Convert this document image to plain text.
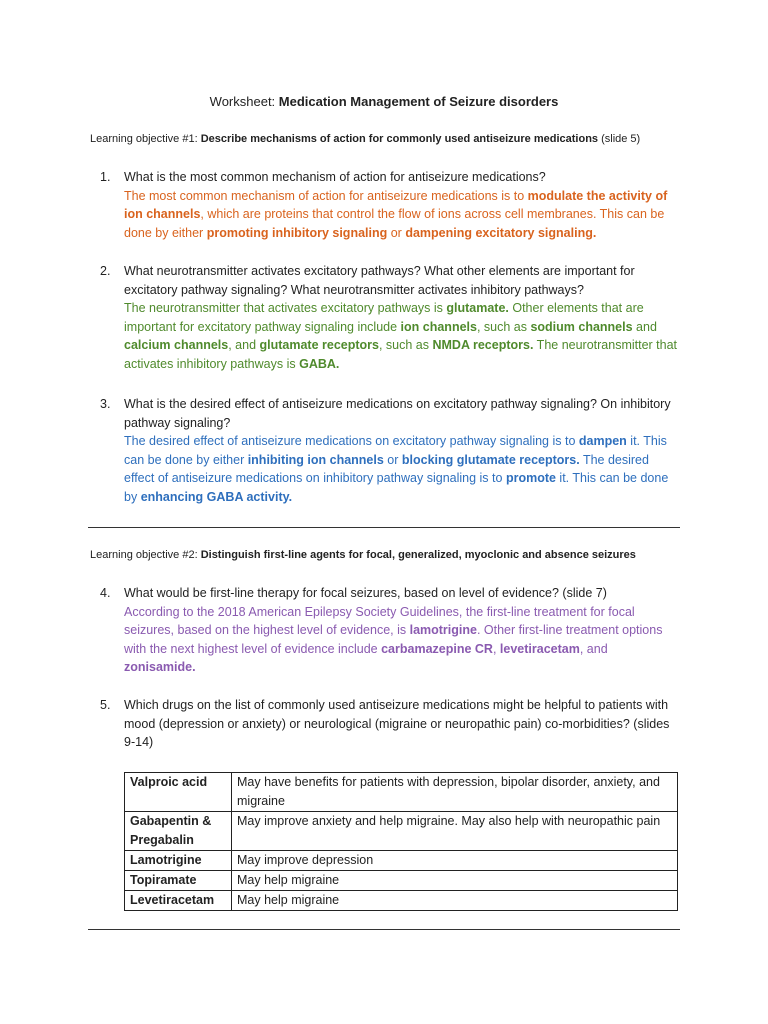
Worksheet: Medication Management of Seizure disorders
Learning objective #1: Describe mechanisms of action for commonly used antiseizure medications (slide 5)
1.	What is the most common mechanism of action for antiseizure medications?
The most common mechanism of action for antiseizure medications is to modulate the activity of ion channels, which are proteins that control the flow of ions across cell membranes. This can be done by either promoting inhibitory signaling or dampening excitatory signaling.
2.	What neurotransmitter activates excitatory pathways? What other elements are important for excitatory pathway signaling? What neurotransmitter activates inhibitory pathways?
The neurotransmitter that activates excitatory pathways is glutamate. Other elements that are important for excitatory pathway signaling include ion channels, such as sodium channels and calcium channels, and glutamate receptors, such as NMDA receptors. The neurotransmitter that activates inhibitory pathways is GABA.
3.	What is the desired effect of antiseizure medications on excitatory pathway signaling? On inhibitory pathway signaling?
The desired effect of antiseizure medications on excitatory pathway signaling is to dampen it. This can be done by either inhibiting ion channels or blocking glutamate receptors. The desired effect of antiseizure medications on inhibitory pathway signaling is to promote it. This can be done by enhancing GABA activity.
Learning objective #2: Distinguish first-line agents for focal, generalized, myoclonic and absence seizures
4.	What would be first-line therapy for focal seizures, based on level of evidence? (slide 7)
According to the 2018 American Epilepsy Society Guidelines, the first-line treatment for focal seizures, based on the highest level of evidence, is lamotrigine. Other first-line treatment options with the next highest level of evidence include carbamazepine CR, levetiracetam, and zonisamide.
5.	Which drugs on the list of commonly used antiseizure medications might be helpful to patients with mood (depression or anxiety) or neurological (migraine or neuropathic pain) co-morbidities? (slides 9-14)
Valproic acid	May have benefits for patients with depression, bipolar disorder, anxiety, and migraine
Gabapentin & Pregabalin	May improve anxiety and help migraine. May also help with neuropathic pain
Lamotrigine	May improve depression
Topiramate	May help migraine
Levetiracetam	May help migraine
